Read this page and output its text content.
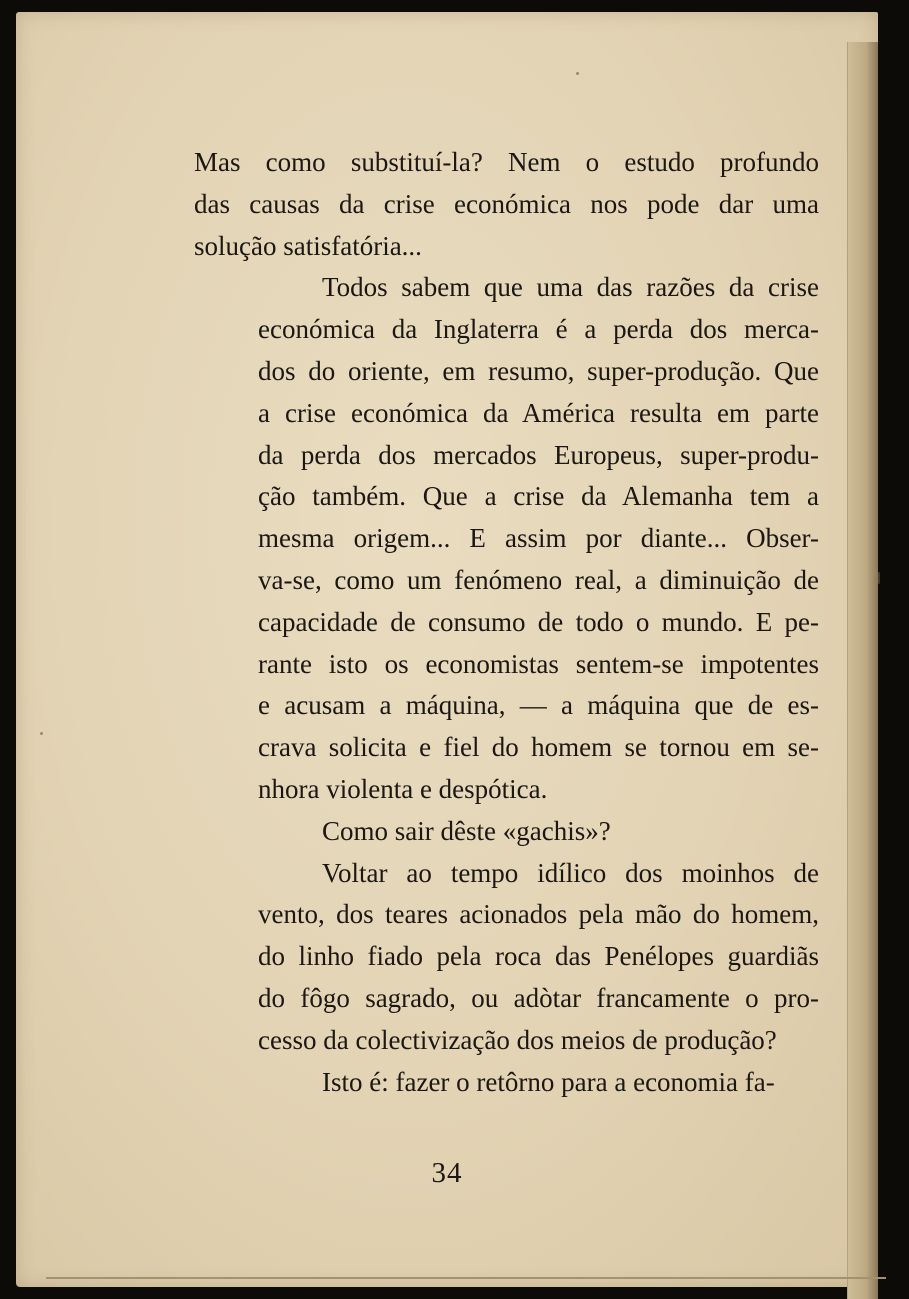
Mas como substituí-la? Nem o estudo profundo
das causas da crise económica nos pode dar uma
solução satisfatória...
Todos sabem que uma das razões da crise
económica da Inglaterra é a perda dos merca-
dos do oriente, em resumo, super-produção. Que
a crise económica da América resulta em parte
da perda dos mercados Europeus, super-produ-
ção também. Que a crise da Alemanha tem a
mesma origem... E assim por diante... Obser-
va-se, como um fenómeno real, a diminuição de
capacidade de consumo de todo o mundo. E pe-
rante isto os economistas sentem-se impotentes
e acusam a máquina, — a máquina que de es-
crava solicita e fiel do homem se tornou em se-
nhora violenta e despótica.
Como sair dêste «gachis»?
Voltar ao tempo idílico dos moinhos de
vento, dos teares acionados pela mão do homem,
do linho fiado pela roca das Penélopes guardiãs
do fôgo sagrado, ou adòtar francamente o pro-
cesso da colectivização dos meios de produção?
Isto é: fazer o retôrno para a economia fa-
34
